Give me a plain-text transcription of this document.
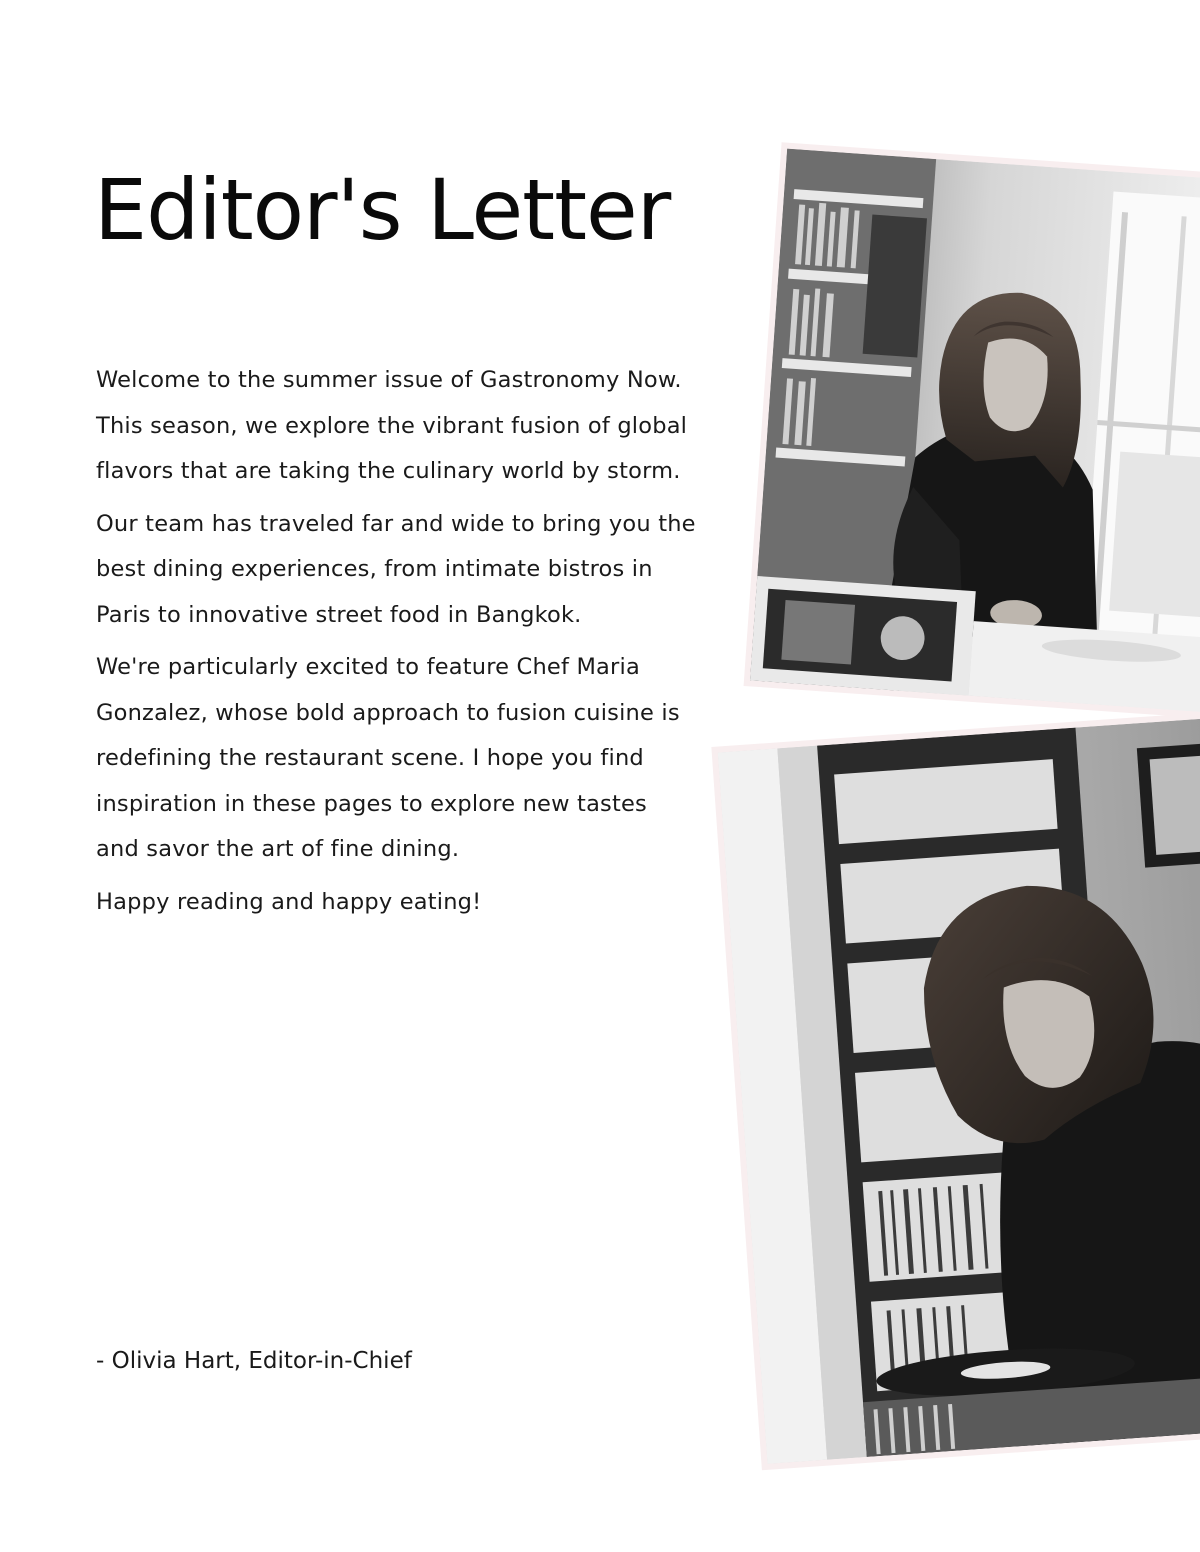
Editor's Letter

Welcome to the summer issue of Gastronomy Now. This season, we explore the vibrant fusion of global flavors that are taking the culinary world by storm.

Our team has traveled far and wide to bring you the best dining experiences, from intimate bistros in Paris to innovative street food in Bangkok.

We're particularly excited to feature Chef Maria Gonzalez, whose bold approach to fusion cuisine is redefining the restaurant scene. I hope you find inspiration in these pages to explore new tastes and savor the art of fine dining.

Happy reading and happy eating!

- Olivia Hart, Editor-in-Chief
